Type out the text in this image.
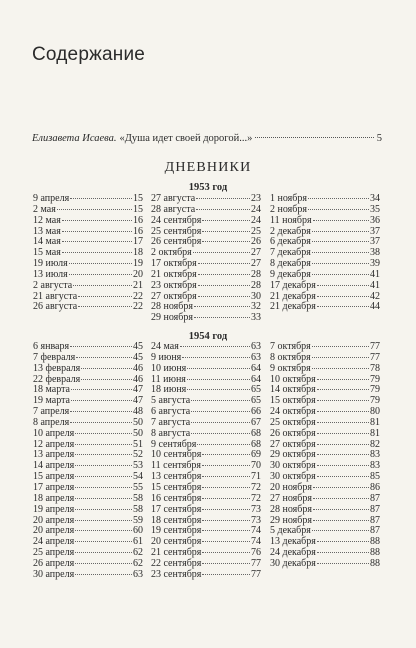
Содержание
Елизавета Исаева. «Душа идет своей дорогой...»	5
ДНЕВНИКИ
1953 год
9 апреля	15
2 мая	15
12 мая	16
13 мая	16
14 мая	17
15 мая	18
19 июля	19
13 июля	20
2 августа	21
21 августа	22
26 августа	22
27 августа	23
28 августа	24
24 сентября	24
25 сентября	25
26 сентября	26
2 октября	27
17 октября	27
21 октября	28
23 октября	28
27 октября	30
28 ноября	32
29 ноября	33
1 ноября	34
2 ноября	35
11 ноября	36
2 декабря	37
6 декабря	37
7 декабря	38
8 декабря	39
9 декабря	41
17 декабря	41
21 декабря	42
21 декабря	44
1954 год
6 января	45
7 февраля	45
13 февраля	46
22 февраля	46
18 марта	47
19 марта	47
7 апреля	48
8 апреля	50
10 апреля	50
12 апреля	51
13 апреля	52
14 апреля	53
15 апреля	54
17 апреля	55
18 апреля	58
19 апреля	58
20 апреля	59
20 апреля	60
24 апреля	61
25 апреля	62
26 апреля	62
30 апреля	63
24 мая	63
9 июня	63
10 июня	64
11 июня	64
18 июня	65
5 августа	65
6 августа	66
7 августа	67
8 августа	68
9 сентября	68
10 сентября	69
11 сентября	70
13 сентября	71
15 сентября	72
16 сентября	72
17 сентября	73
18 сентября	73
19 сентября	74
20 сентября	74
21 сентября	76
22 сентября	77
23 сентября	77
7 октября	77
8 октября	77
9 октября	78
10 октября	79
14 октября	79
15 октября	79
24 октября	80
25 октября	81
26 октября	81
27 октября	82
29 октября	83
30 октября	83
30 октября	85
20 ноября	86
27 ноября	87
28 ноября	87
29 ноября	87
5 декабря	87
13 декабря	88
24 декабря	88
30 декабря	88
